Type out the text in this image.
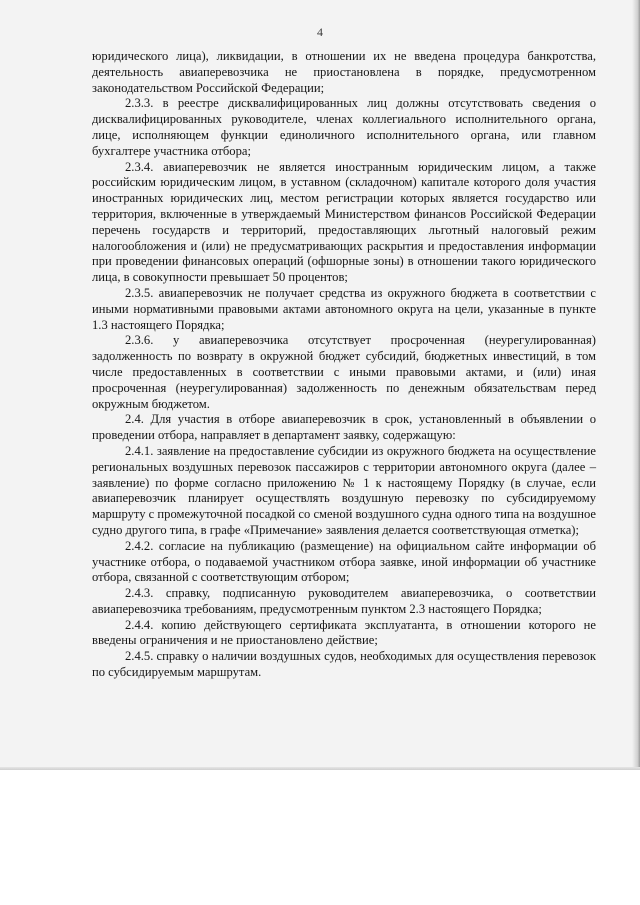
4

юридического лица), ликвидации, в отношении их не введена процедура банкротства, деятельность авиаперевозчика не приостановлена в порядке, предусмотренном законодательством Российской Федерации;

2.3.3. в реестре дисквалифицированных лиц должны отсутствовать сведения о дисквалифицированных руководителе, членах коллегиального исполнительного органа, лице, исполняющем функции единоличного исполнительного органа, или главном бухгалтере участника отбора;

2.3.4. авиаперевозчик не является иностранным юридическим лицом, а также российским юридическим лицом, в уставном (складочном) капитале которого доля участия иностранных юридических лиц, местом регистрации которых является государство или территория, включенные в утверждаемый Министерством финансов Российской Федерации перечень государств и территорий, предоставляющих льготный налоговый режим налогообложения и (или) не предусматривающих раскрытия и предоставления информации при проведении финансовых операций (офшорные зоны) в отношении такого юридического лица, в совокупности превышает 50 процентов;

2.3.5. авиаперевозчик не получает средства из окружного бюджета в соответствии с иными нормативными правовыми актами автономного округа на цели, указанные в пункте 1.3 настоящего Порядка;

2.3.6. у авиаперевозчика отсутствует просроченная (неурегулированная) задолженность по возврату в окружной бюджет субсидий, бюджетных инвестиций, в том числе предоставленных в соответствии с иными правовыми актами, и (или) иная просроченная (неурегулированная) задолженность по денежным обязательствам перед окружным бюджетом.

2.4. Для участия в отборе авиаперевозчик в срок, установленный в объявлении о проведении отбора, направляет в департамент заявку, содержащую:

2.4.1. заявление на предоставление субсидии из окружного бюджета на осуществление региональных воздушных перевозок пассажиров с территории автономного округа (далее – заявление) по форме согласно приложению № 1 к настоящему Порядку (в случае, если авиаперевозчик планирует осуществлять воздушную перевозку по субсидируемому маршруту с промежуточной посадкой со сменой воздушного судна одного типа на воздушное судно другого типа, в графе «Примечание» заявления делается соответствующая отметка);

2.4.2. согласие на публикацию (размещение) на официальном сайте информации об участнике отбора, о подаваемой участником отбора заявке, иной информации об участнике отбора, связанной с соответствующим отбором;

2.4.3. справку, подписанную руководителем авиаперевозчика, о соответствии авиаперевозчика требованиям, предусмотренным пунктом 2.3 настоящего Порядка;

2.4.4. копию действующего сертификата эксплуатанта, в отношении которого не введены ограничения и не приостановлено действие;

2.4.5. справку о наличии воздушных судов, необходимых для осуществления перевозок по субсидируемым маршрутам.
